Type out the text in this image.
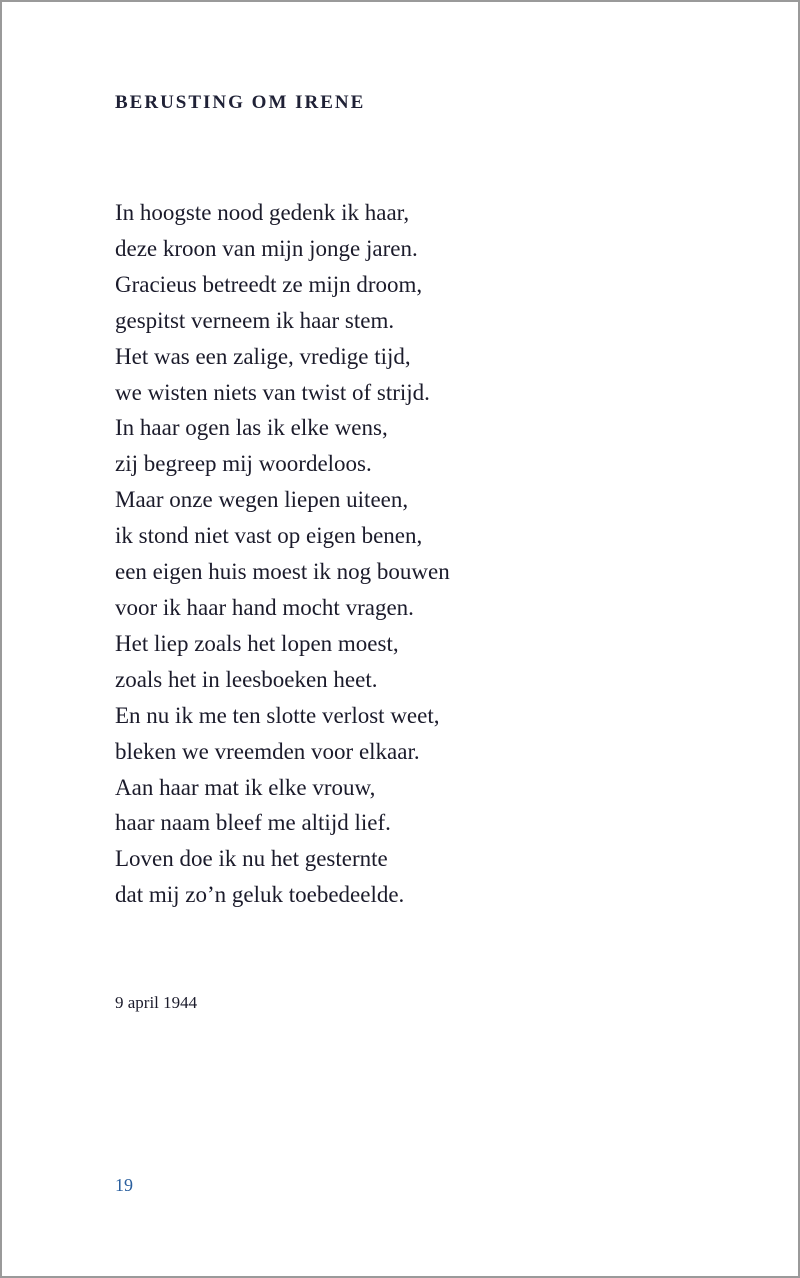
BERUSTING OM IRENE
In hoogste nood gedenk ik haar,
deze kroon van mijn jonge jaren.
Gracieus betreedt ze mijn droom,
gespitst verneem ik haar stem.
Het was een zalige, vredige tijd,
we wisten niets van twist of strijd.
In haar ogen las ik elke wens,
zij begreep mij woordeloos.
Maar onze wegen liepen uiteen,
ik stond niet vast op eigen benen,
een eigen huis moest ik nog bouwen
voor ik haar hand mocht vragen.
Het liep zoals het lopen moest,
zoals het in leesboeken heet.
En nu ik me ten slotte verlost weet,
bleken we vreemden voor elkaar.
Aan haar mat ik elke vrouw,
haar naam bleef me altijd lief.
Loven doe ik nu het gesternte
dat mij zo’n geluk toebedeelde.
9 april 1944
19
